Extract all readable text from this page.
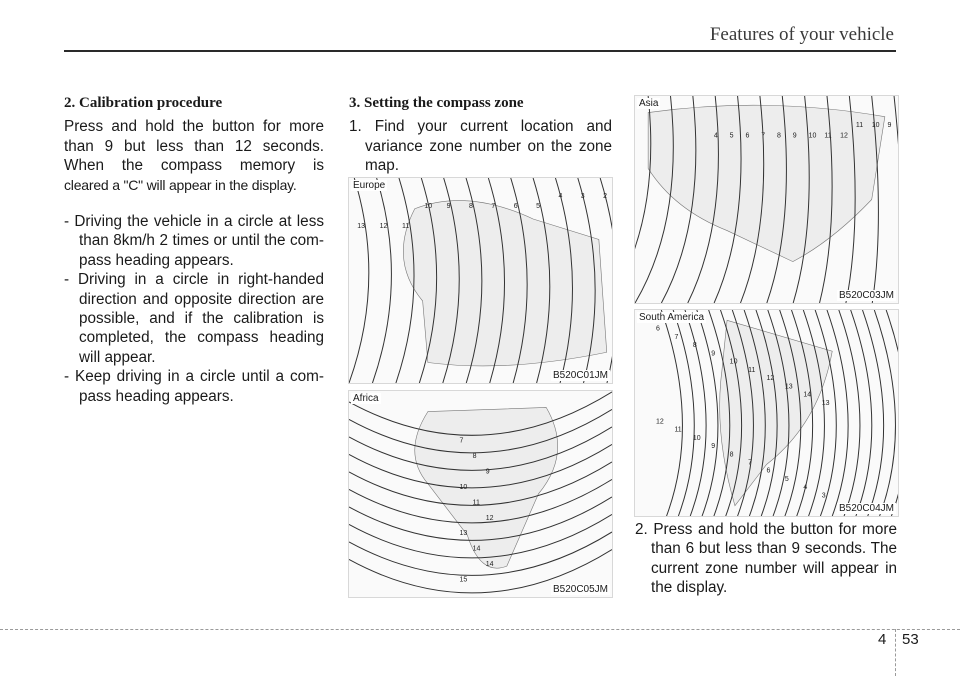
Features of your vehicle
2. Calibration procedure
Press and hold the button for more
than 9 but less than 12 seconds.
When the compass memory is
cleared a "C" will appear in the display.
- Driving the vehicle in a circle at less than 8km/h 2 times or until the com-pass heading appears.
- Driving in a circle in right-handed direction and opposite direction are possible, and if the calibration is completed, the compass heading will appear.
- Keep driving in a circle until a com-pass heading appears.
3. Setting the compass zone
1. Find your current location and variance zone number on the zone map.
2. Press and hold the button for more than 6 but less than 9 seconds. The current zone number will appear in the display.
13 12 11
10 9	8	7	6	5
4	3	2
Europe
B520C01JM
7
8
9
10
11
12
13
14
14
15
Africa
B520C05JM
4 5 6 7 8 9 10 11 12
11 10 9
Asia
B520C03JM
6
7
8
9
10
11
12
13
14
13
12
11
10
9
8
7
6
5
4
3
South America
B520C04JM
4 53
